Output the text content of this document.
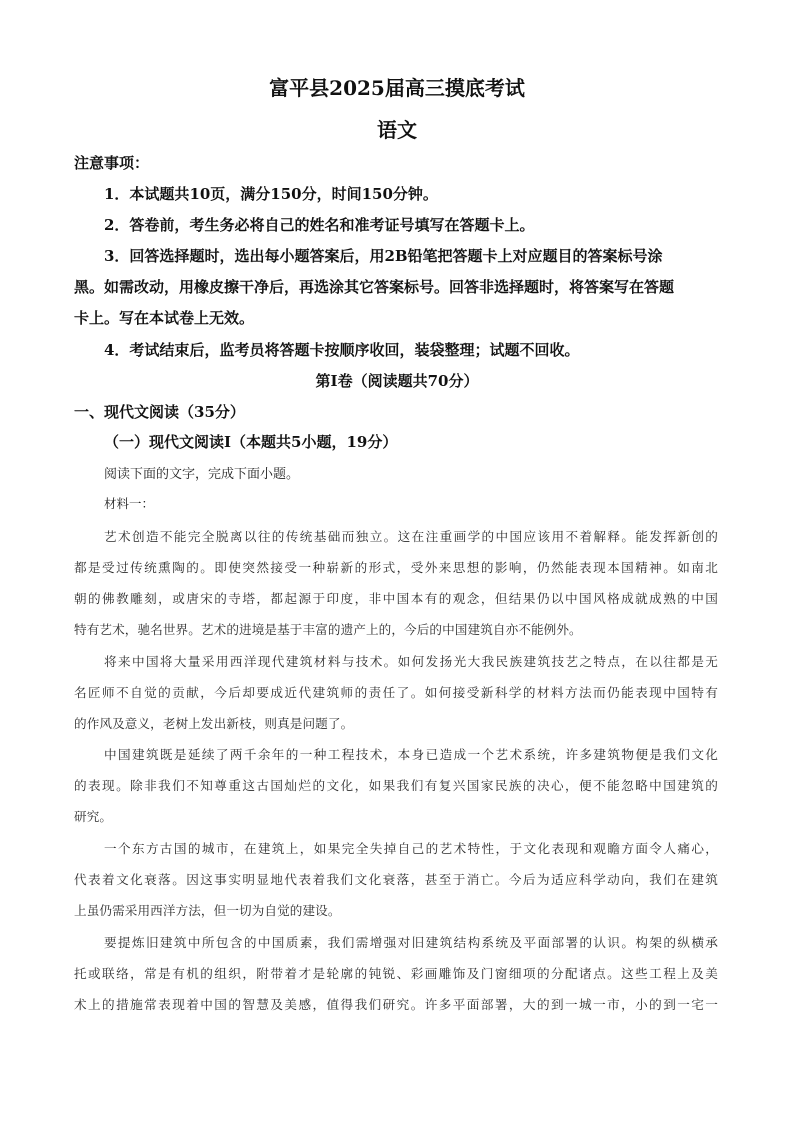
富平县2025届高三摸底考试
语文
注意事项：
1．本试题共10页，满分150分，时间150分钟。
2．答卷前，考生务必将自己的姓名和准考证号填写在答题卡上。
3．回答选择题时，选出每小题答案后，用2B铅笔把答题卡上对应题目的答案标号涂
黑。如需改动，用橡皮擦干净后，再选涂其它答案标号。回答非选择题时，将答案写在答题
卡上。写在本试卷上无效。
4．考试结束后，监考员将答题卡按顺序收回，装袋整理；试题不回收。
第Ⅰ卷（阅读题共70分）
一、现代文阅读（35分）
（一）现代文阅读Ⅰ（本题共5小题，19分）
阅读下面的文字，完成下面小题。
材料一：
艺术创造不能完全脱离以往的传统基础而独立。这在注重画学的中国应该用不着解释。能发挥新创的
都是受过传统熏陶的。即使突然接受一种崭新的形式，受外来思想的影响，仍然能表现本国精神。如南北
朝的佛教雕刻，或唐宋的寺塔，都起源于印度，非中国本有的观念，但结果仍以中国风格成就成熟的中国
特有艺术，驰名世界。艺术的进境是基于丰富的遗产上的，今后的中国建筑自亦不能例外。
将来中国将大量采用西洋现代建筑材料与技术。如何发扬光大我民族建筑技艺之特点，在以往都是无
名匠师不自觉的贡献，今后却要成近代建筑师的责任了。如何接受新科学的材料方法而仍能表现中国特有
的作风及意义，老树上发出新枝，则真是问题了。
中国建筑既是延续了两千余年的一种工程技术，本身已造成一个艺术系统，许多建筑物便是我们文化
的表现。除非我们不知尊重这古国灿烂的文化，如果我们有复兴国家民族的决心，便不能忽略中国建筑的
研究。
一个东方古国的城市，在建筑上，如果完全失掉自己的艺术特性，于文化表现和观瞻方面令人痛心，
代表着文化衰落。因这事实明显地代表着我们文化衰落，甚至于消亡。今后为适应科学动向，我们在建筑
上虽仍需采用西洋方法，但一切为自觉的建设。
要提炼旧建筑中所包含的中国质素，我们需增强对旧建筑结构系统及平面部署的认识。构架的纵横承
托或联络，常是有机的组织，附带着才是轮廓的钝锐、彩画雕饰及门窗细项的分配诸点。这些工程上及美
术上的措施常表现着中国的智慧及美感，值得我们研究。许多平面部署，大的到一城一市，小的到一宅一
